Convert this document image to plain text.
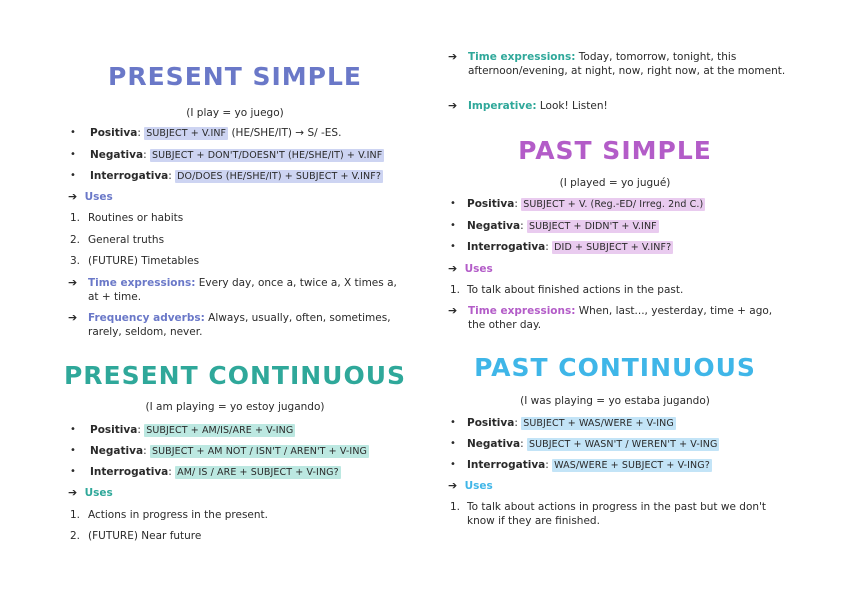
PRESENT SIMPLE

(I play = yo juego)

• Positiva: SUBJECT + V.INF (HE/SHE/IT) → S/ -ES.
• Negativa: SUBJECT + DON'T/DOESN'T (HE/SHE/IT) + V.INF
• Interrogativa: DO/DOES (HE/SHE/IT) + SUBJECT + V.INF?
➔ Uses
1. Routines or habits
2. General truths
3. (FUTURE) Timetables
➔ Time expressions: Every day, once a, twice a, X times a, at + time.
➔ Frequency adverbs: Always, usually, often, sometimes, rarely, seldom, never.
PRESENT CONTINUOUS

(I am playing = yo estoy jugando)

• Positiva: SUBJECT + AM/IS/ARE + V-ING
• Negativa: SUBJECT + AM NOT / ISN'T / AREN'T + V-ING
• Interrogativa: AM/ IS / ARE + SUBJECT + V-ING?
➔ Uses
1. Actions in progress in the present.
2. (FUTURE) Near future
➔ Time expressions: Today, tomorrow, tonight, this afternoon/evening, at night, now, right now, at the moment.
➔ Imperative: Look! Listen!
PAST SIMPLE

(I played = yo jugué)

• Positiva: SUBJECT + V. (Reg.-ED/ Irreg. 2nd C.)
• Negativa: SUBJECT + DIDN'T + V.INF
• Interrogativa: DID + SUBJECT + V.INF?
➔ Uses
1. To talk about finished actions in the past.
➔ Time expressions: When, last..., yesterday, time + ago, the other day.
PAST CONTINUOUS

(I was playing = yo estaba jugando)

• Positiva: SUBJECT + WAS/WERE + V-ING
• Negativa: SUBJECT + WASN'T / WEREN'T + V-ING
• Interrogativa: WAS/WERE + SUBJECT + V-ING?
➔ Uses
1. To talk about actions in progress in the past but we don't know if they are finished.
